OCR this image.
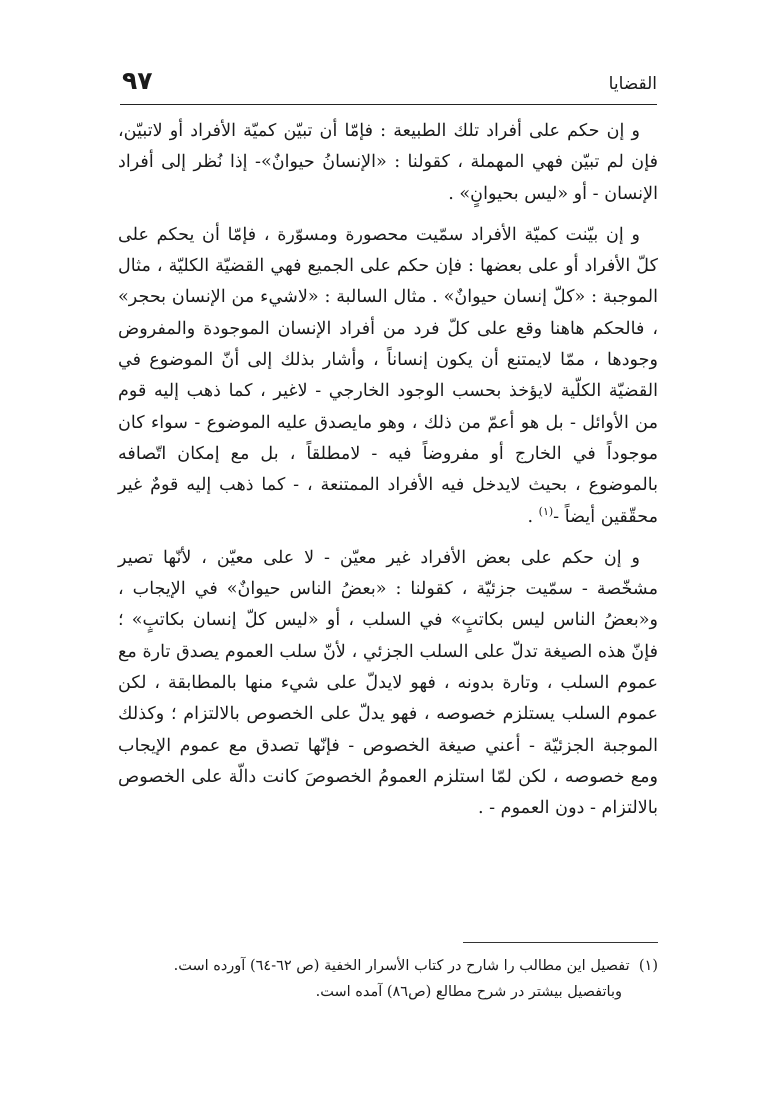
٩٧	القضايا

و إن حكم على أفراد تلك الطبيعة : فإمّا أن تبيّن كميّة الأفراد أو لاتبيّن، فإن لم تبيّن فهي المهملة ، كقولنا : «الإنسانُ حيوانٌ»- إذا نُظر إلى أفراد الإنسان - أو «ليس بحيوانٍ» .

و إن بيّنت كميّة الأفراد سمّيت محصورة ومسوّرة ، فإمّا أن يحكم على كلّ الأفراد أو على بعضها : فإن حكم على الجميع فهي القضيّة الكليّة ، مثال الموجبة : «كلّ إنسان حيوانٌ» . مثال السالبة : «لاشيء من الإنسان بحجر» ، فالحكم هاهنا وقع على كلّ فرد من أفراد الإنسان الموجودة والمفروض وجودها ، ممّا لايمتنع أن يكون إنساناً ، وأشار بذلك إلى أنّ الموضوع في القضيّة الكلّية لايؤخذ بحسب الوجود الخارجي - لاغير ، كما ذهب إليه قوم من الأوائل - بل هو أعمّ من ذلك ، وهو مايصدق عليه الموضوع - سواء كان موجوداً في الخارج أو مفروضاً فيه - لامطلقاً ، بل مع إمكان اتّصافه بالموضوع ، بحيث لايدخل فيه الأفراد الممتنعة ، - كما ذهب إليه قومٌ غير محقّقين أيضاً -$^{(١)}$ .

و إن حكم على بعض الأفراد غير معيّن - لا على معيّن ، لأنّها تصير مشخّصة - سمّيت جزئيّة ، كقولنا : «بعضُ الناس حيوانٌ» في الإيجاب ، و«بعضُ الناس ليس بكاتبٍ» في السلب ، أو «ليس كلّ إنسان بكاتبٍ» ؛ فإنّ هذه الصيغة تدلّ على السلب الجزئي ، لأنّ سلب العموم يصدق تارة مع عموم السلب ، وتارة بدونه ، فهو لايدلّ على شيء منها بالمطابقة ، لكن عموم السلب يستلزم خصوصه ، فهو يدلّ على الخصوص بالالتزام ؛ وكذلك الموجبة الجزئيّة - أعني صيغة الخصوص - فإنّها تصدق مع عموم الإيجاب ومع خصوصه ، لكن لمّا استلزم العمومُ الخصوصَ كانت دالّة على الخصوص بالالتزام - دون العموم - .

(١)  تفصيل اين مطالب را شارح در كتاب الأسرار الخفية (ص ٦٢-٦٤) آورده است.

وباتفصيل بيشتر در شرح مطالع (ص٨٦) آمده است.
